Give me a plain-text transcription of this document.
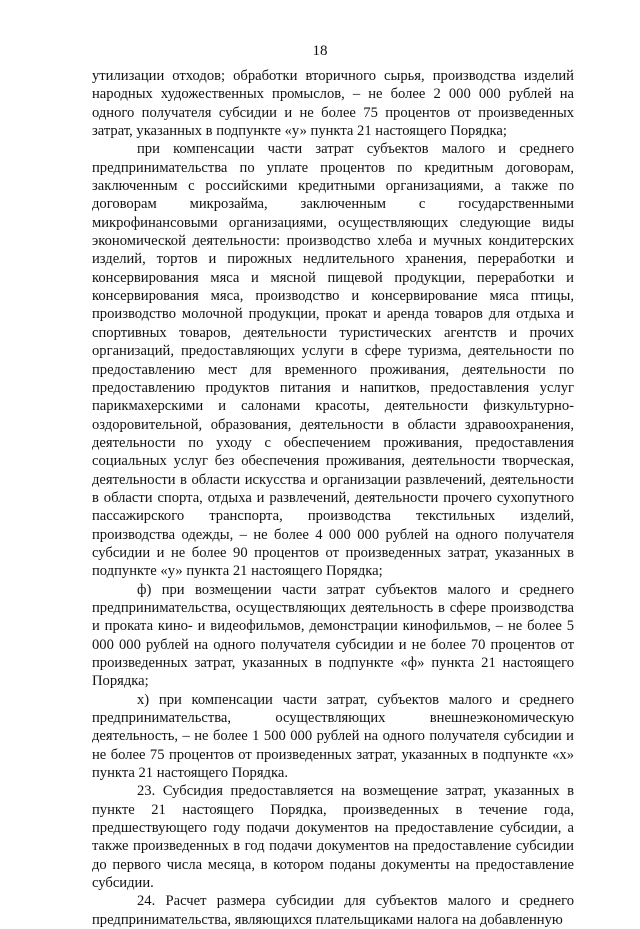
18

утилизации отходов; обработки вторичного сырья, производства изделий народных художественных промыслов, – не более 2 000 000 рублей на одного получателя субсидии и не более 75 процентов от произведенных затрат, указанных в подпункте «у» пункта 21 настоящего Порядка;

при компенсации части затрат субъектов малого и среднего предпринимательства по уплате процентов по кредитным договорам, заключенным с российскими кредитными организациями, а также по договорам микрозайма, заключенным с государственными микрофинансовыми организациями, осуществляющих следующие виды экономической деятельности: производство хлеба и мучных кондитерских изделий, тортов и пирожных недлительного хранения, переработки и консервирования мяса и мясной пищевой продукции, переработки и консервирования мяса, производство и консервирование мяса птицы, производство молочной продукции, прокат и аренда товаров для отдыха и спортивных товаров, деятельности туристических агентств и прочих организаций, предоставляющих услуги в сфере туризма, деятельности по предоставлению мест для временного проживания, деятельности по предоставлению продуктов питания и напитков, предоставления услуг парикмахерскими и салонами красоты, деятельности физкультурно-оздоровительной, образования, деятельности в области здравоохранения, деятельности по уходу с обеспечением проживания, предоставления социальных услуг без обеспечения проживания, деятельности творческая, деятельности в области искусства и организации развлечений, деятельности в области спорта, отдыха и развлечений, деятельности прочего сухопутного пассажирского транспорта, производства текстильных изделий, производства одежды, – не более 4 000 000 рублей на одного получателя субсидии и не более 90 процентов от произведенных затрат, указанных в подпункте «у» пункта 21 настоящего Порядка;

ф) при возмещении части затрат субъектов малого и среднего предпринимательства, осуществляющих деятельность в сфере производства и проката кино- и видеофильмов, демонстрации кинофильмов, – не более 5 000 000 рублей на одного получателя субсидии и не более 70 процентов от произведенных затрат, указанных в подпункте «ф» пункта 21 настоящего Порядка;

х) при компенсации части затрат, субъектов малого и среднего предпринимательства, осуществляющих внешнеэкономическую деятельность, – не более 1 500 000 рублей на одного получателя субсидии и не более 75 процентов от произведенных затрат, указанных в подпункте «х» пункта 21 настоящего Порядка.

23. Субсидия предоставляется на возмещение затрат, указанных в пункте 21 настоящего Порядка, произведенных в течение года, предшествующего году подачи документов на предоставление субсидии, а также произведенных в год подачи документов на предоставление субсидии до первого числа месяца, в котором поданы документы на предоставление субсидии.

24. Расчет размера субсидии для субъектов малого и среднего предпринимательства, являющихся плательщиками налога на добавленную
